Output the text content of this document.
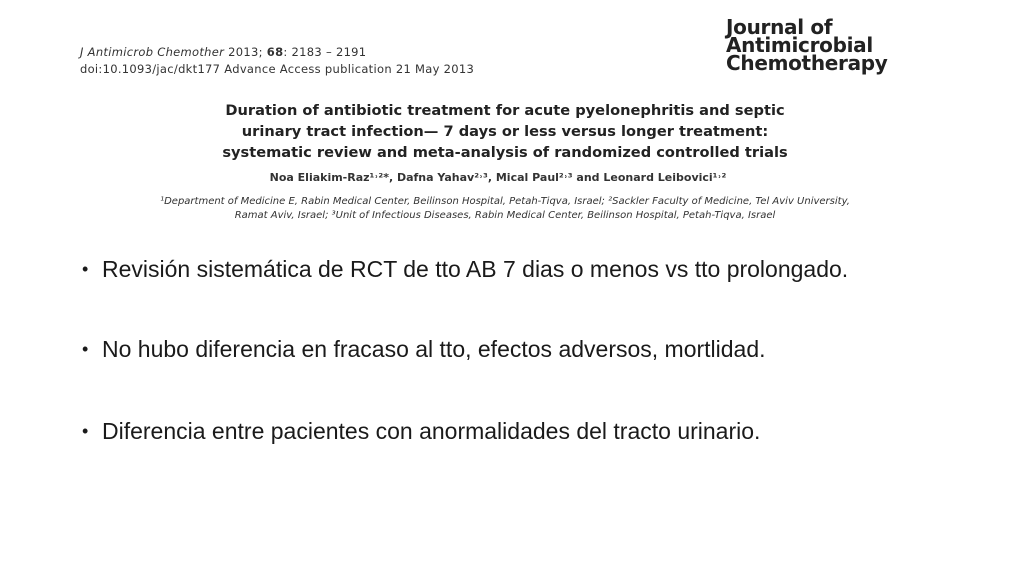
J Antimicrob Chemother 2013; 68: 2183 – 2191
doi:10.1093/jac/dkt177 Advance Access publication 21 May 2013
Journal of
Antimicrobial
Chemotherapy
Duration of antibiotic treatment for acute pyelonephritis and septic
urinary tract infection— 7 days or less versus longer treatment:
systematic review and meta-analysis of randomized controlled trials
Noa Eliakim-Raz¹˒²*, Dafna Yahav²˒³, Mical Paul²˒³ and Leonard Leibovici¹˒²
¹Department of Medicine E, Rabin Medical Center, Beilinson Hospital, Petah-Tiqva, Israel; ²Sackler Faculty of Medicine, Tel Aviv University,
Ramat Aviv, Israel; ³Unit of Infectious Diseases, Rabin Medical Center, Beilinson Hospital, Petah-Tiqva, Israel
• Revisión sistemática de RCT de tto AB 7 dias o menos vs tto prolongado.
• No hubo diferencia en fracaso al tto, efectos adversos, mortlidad.
• Diferencia entre pacientes con anormalidades del tracto urinario.
